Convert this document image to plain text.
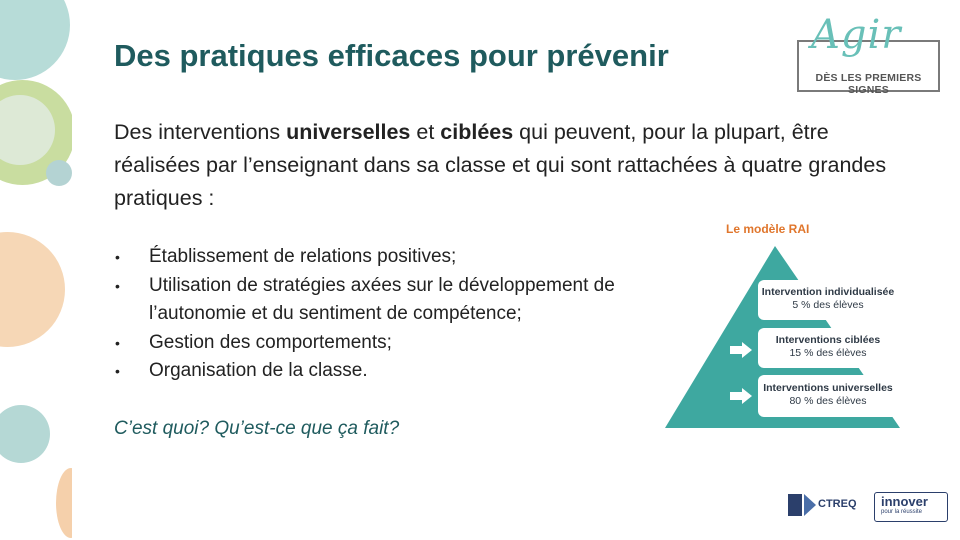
Des pratiques efficaces pour prévenir	Agir
DÈS LES PREMIERS SIGNES
Des interventions universelles et ciblées qui peuvent, pour la plupart, être réalisées par l’enseignant dans sa classe et qui sont rattachées à quatre grandes pratiques :
• Établissement de relations positives;
• Utilisation de stratégies axées sur le développement de l’autonomie et du sentiment de compétence;
• Gestion des comportements;
• Organisation de la classe.
C’est quoi? Qu’est-ce que ça fait?
Le modèle RAI
Intervention individualisée
5 % des élèves
Interventions ciblées
15 % des élèves
Interventions universelles
80 % des élèves
CTREQ innover
pour la réussite
